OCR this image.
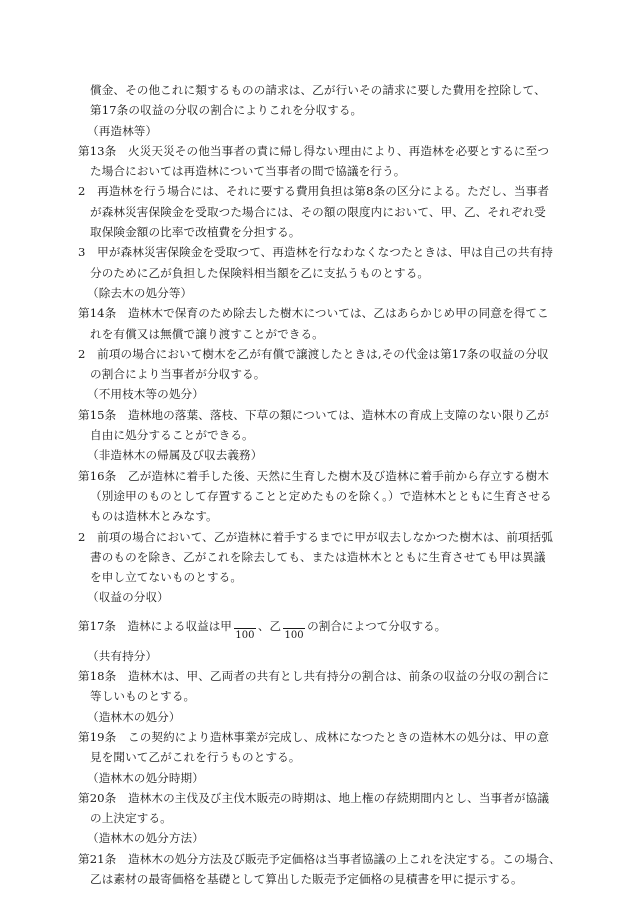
償金、その他これに類するものの請求は、乙が行いその請求に要した費用を控除して、
第17条の収益の分収の割合によりこれを分収する。
（再造林等）
第13条　火災天災その他当事者の責に帰し得ない理由により、再造林を必要とするに至つ
た場合においては再造林について当事者の間で協議を行う。
2　再造林を行う場合には、それに要する費用負担は第8条の区分による。ただし、当事者
が森林災害保険金を受取つた場合には、その額の限度内において、甲、乙、それぞれ受
取保険金額の比率で改植費を分担する。
3　甲が森林災害保険金を受取つて、再造林を行なわなくなつたときは、甲は自己の共有持
分のために乙が負担した保険料相当額を乙に支払うものとする。
（除去木の処分等）
第14条　造林木で保育のため除去した樹木については、乙はあらかじめ甲の同意を得てこ
れを有償又は無償で譲り渡すことができる。
2　前項の場合において樹木を乙が有償で譲渡したときは,その代金は第17条の収益の分収
の割合により当事者が分収する。
（不用枝木等の処分）
第15条　造林地の落葉、落枝、下草の類については、造林木の育成上支障のない限り乙が
自由に処分することができる。
（非造林木の帰属及び収去義務）
第16条　乙が造林に着手した後、天然に生育した樹木及び造林に着手前から存立する樹木
（別途甲のものとして存置することと定めたものを除く。）で造林木とともに生育させる
ものは造林木とみなす。
2　前項の場合において、乙が造林に着手するまでに甲が収去しなかつた樹木は、前項括弧
書のものを除き、乙がこれを除去しても、または造林木とともに生育させても甲は異議
を申し立てないものとする。
（収益の分収）
第17条　造林による収益は甲
100
、乙
100
の割合によつて分収する。
（共有持分）
第18条　造林木は、甲、乙両者の共有とし共有持分の割合は、前条の収益の分収の割合に
等しいものとする。
（造林木の処分）
第19条　この契約により造林事業が完成し、成林になつたときの造林木の処分は、甲の意
見を聞いて乙がこれを行うものとする。
（造林木の処分時期）
第20条　造林木の主伐及び主伐木販売の時期は、地上権の存続期間内とし、当事者が協議
の上決定する。
（造林木の処分方法）
第21条　造林木の処分方法及び販売予定価格は当事者協議の上これを決定する。この場合、
乙は素材の最寄価格を基礎として算出した販売予定価格の見積書を甲に提示する。
